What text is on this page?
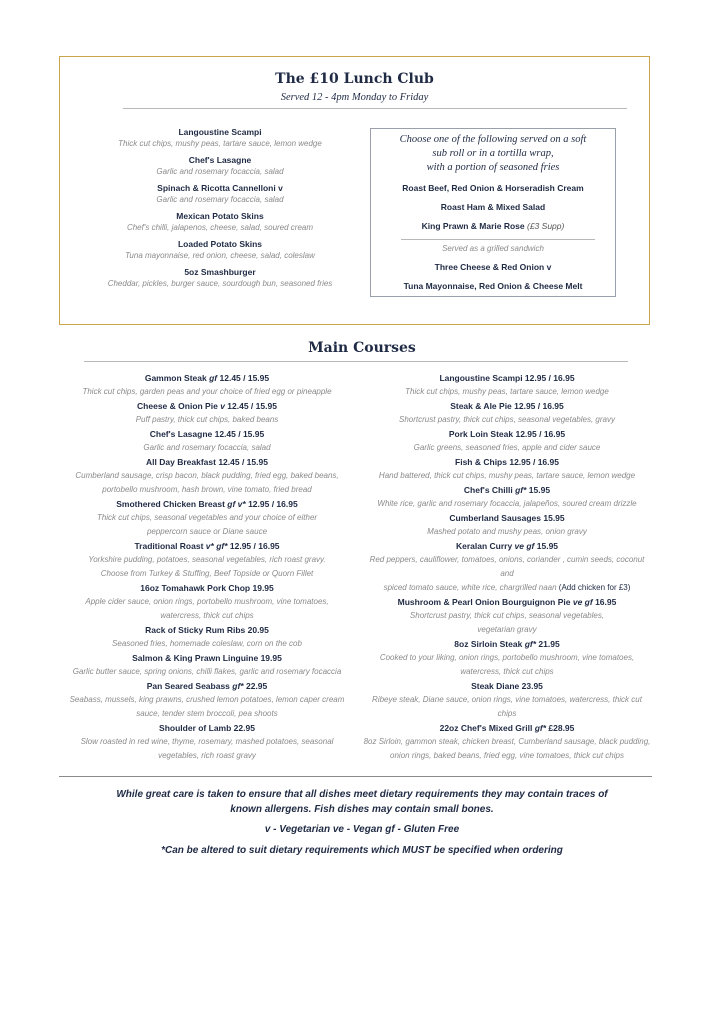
The £10 Lunch Club
Served 12 - 4pm Monday to Friday
Langoustine Scampi
Thick cut chips, mushy peas, tartare sauce, lemon wedge
Chef's Lasagne
Garlic and rosemary focaccia, salad
Spinach & Ricotta Cannelloni v
Garlic and rosemary focaccia, salad
Mexican Potato Skins
Chef's chilli, jalapenos, cheese, salad, soured cream
Loaded Potato Skins
Tuna mayonnaise, red onion, cheese, salad, coleslaw
5oz Smashburger
Cheddar, pickles, burger sauce, sourdough bun, seasoned fries
Choose one of the following served on a soft
sub roll or in a tortilla wrap,
with a portion of seasoned fries
Roast Beef, Red Onion & Horseradish Cream
Roast Ham & Mixed Salad
King Prawn & Marie Rose (£3 Supp)
Served as a grilled sandwich
Three Cheese & Red Onion v
Tuna Mayonnaise, Red Onion & Cheese Melt
Main Courses
Gammon Steak gf 12.45 / 15.95
Thick cut chips, garden peas and your choice of fried egg or pineapple
Cheese & Onion Pie v 12.45 / 15.95
Puff pastry, thick cut chips, baked beans
Chef's Lasagne 12.45 / 15.95
Garlic and rosemary focaccia, salad
All Day Breakfast 12.45 / 15.95
Cumberland sausage, crisp bacon, black pudding, fried egg, baked beans,
portobello mushroom, hash brown, vine tomato, fried bread
Smothered Chicken Breast gf v* 12.95 / 16.95
Thick cut chips, seasonal vegetables and your choice of either
peppercorn sauce or Diane sauce
Traditional Roast v* gf* 12.95 / 16.95
Yorkshire pudding, potatoes, seasonal vegetables, rich roast gravy.
Choose from Turkey & Stuffing, Beef Topside or Quorn Fillet
16oz Tomahawk Pork Chop 19.95
Apple cider sauce, onion rings, portobello mushroom, vine tomatoes,
watercress, thick cut chips
Rack of Sticky Rum Ribs 20.95
Seasoned fries, homemade coleslaw, corn on the cob
Salmon & King Prawn Linguine 19.95
Garlic butter sauce, spring onions, chilli flakes, garlic and rosemary focaccia
Pan Seared Seabass gf* 22.95
Seabass, mussels, king prawns, crushed lemon potatoes, lemon caper cream
sauce, tender stem broccoli, pea shoots
Shoulder of Lamb 22.95
Slow roasted in red wine, thyme, rosemary, mashed potatoes, seasonal
vegetables, rich roast gravy
Langoustine Scampi 12.95 / 16.95
Thick cut chips, mushy peas, tartare sauce, lemon wedge
Steak & Ale Pie 12.95 / 16.95
Shortcrust pastry, thick cut chips, seasonal vegetables, gravy
Pork Loin Steak 12.95 / 16.95
Garlic greens, seasoned fries, apple and cider sauce
Fish & Chips 12.95 / 16.95
Hand battered, thick cut chips, mushy peas, tartare sauce, lemon wedge
Chef's Chilli gf* 15.95
White rice, garlic and rosemary focaccia, jalapeños, soured cream drizzle
Cumberland Sausages 15.95
Mashed potato and mushy peas, onion gravy
Keralan Curry ve gf 15.95
Red peppers, cauliflower, tomatoes, onions, coriander , cumin seeds, coconut and
spiced tomato sauce, white rice, chargrilled naan (Add chicken for £3)
Mushroom & Pearl Onion Bourguignon Pie ve gf 16.95
Shortcrust pastry, thick cut chips, seasonal vegetables,
vegetarian gravy
8oz Sirloin Steak gf* 21.95
Cooked to your liking, onion rings, portobello mushroom, vine tomatoes,
watercress, thick cut chips
Steak Diane 23.95
Ribeye steak, Diane sauce, onion rings, vine tomatoes, watercress, thick cut chips
22oz Chef's Mixed Grill gf* £28.95
8oz Sirloin, gammon steak, chicken breast, Cumberland sausage, black pudding,
onion rings, baked beans, fried egg, vine tomatoes, thick cut chips
While great care is taken to ensure that all dishes meet dietary requirements they may contain traces of
known allergens. Fish dishes may contain small bones.
v - Vegetarian ve - Vegan gf - Gluten Free
*Can be altered to suit dietary requirements which MUST be specified when ordering
